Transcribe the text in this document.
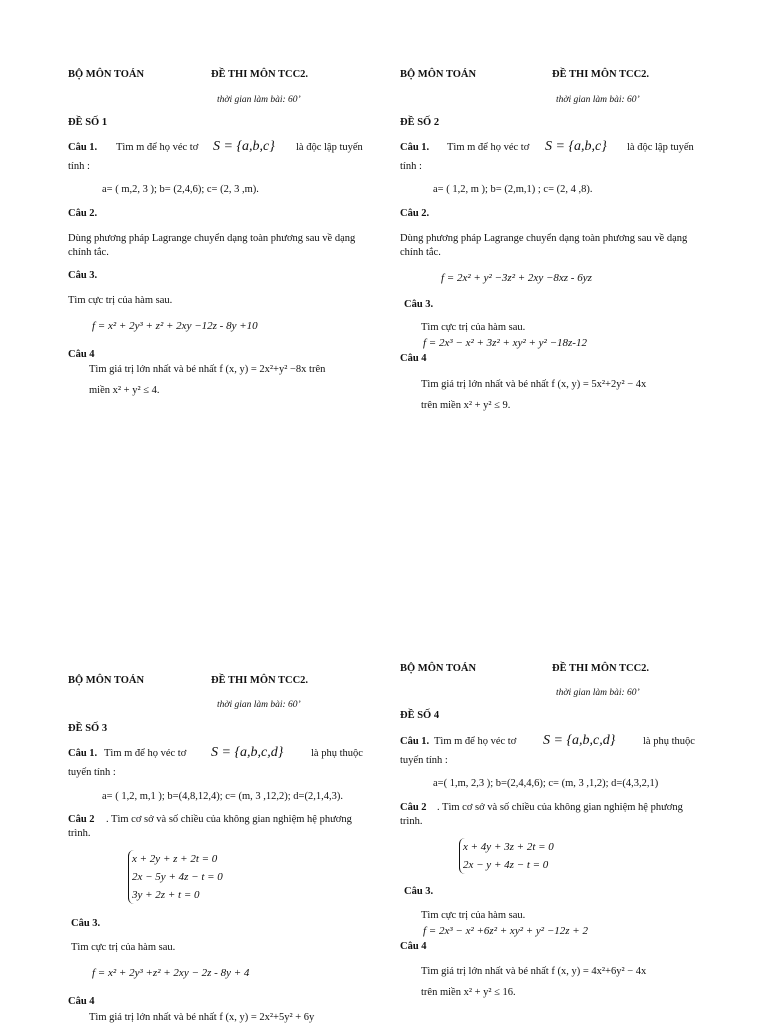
BỘ MÔN TOÁN	ĐỀ THI MÔN TCC2.
thời gian làm bài: 60’
ĐỀ SỐ 1
Câu 1. Tìm m để họ véc tơ S = {a,b,c} là độc lập tuyến
tính :
a= ( m,2, 3 ); b= (2,4,6); c= (2, 3 ,m).
Câu 2.
Dùng phương pháp Lagrange chuyển dạng toàn phương sau về dạng
chính tắc.
Câu 3.
Tìm cực trị của hàm sau.
f = x² + 2y³ + z² + 2xy −12z - 8y +10
Câu 4
Tìm giá trị lớn nhất và bé nhất f (x, y) = 2x²+y² −8x trên
miền x² + y² ≤ 4.
BỘ MÔN TOÁN	ĐỀ THI MÔN TCC2.
thời gian làm bài: 60’
ĐỀ SỐ 2
Câu 1. Tìm m để họ véc tơ S = {a,b,c} là độc lập tuyến
tính :
a= ( 1,2, m ); b= (2,m,1) ; c= (2, 4 ,8).
Câu 2.
Dùng phương pháp Lagrange chuyển dạng toàn phương sau về dạng
chính tắc.
f = 2x² + y² −3z² + 2xy −8xz - 6yz
Câu 3.
Tìm cực trị của hàm sau.
f = 2x³ − x² + 3z² + xy² + y² −18z-12
Câu 4
Tìm giá trị lớn nhất và bé nhất f (x, y) = 5x²+2y² − 4x
trên miền x² + y² ≤ 9.
BỘ MÔN TOÁN	ĐỀ THI MÔN TCC2.
thời gian làm bài: 60’
ĐỀ SỐ 3
Câu 1. Tìm m để họ véc tơ S = {a,b,c,d}	là phụ thuộc
tuyến tính :
a= ( 1,2, m,1 ); b=(4,8,12,4); c= (m, 3 ,12,2); d=(2,1,4,3).
Câu 2 . Tìm cơ sở và số chiều của không gian nghiệm hệ phương
trình.
x + 2y + z + 2t = 0
2x − 5y + 4z − t = 0
3y + 2z + t = 0
Câu 3.
Tìm cực trị của hàm sau.
f = x² + 2y³ +z² + 2xy − 2z - 8y + 4
Câu 4
Tìm giá trị lớn nhất và bé nhất f (x, y) = 2x²+5y² + 6y
BỘ MÔN TOÁN	ĐỀ THI MÔN TCC2.
thời gian làm bài: 60’
ĐỀ SỐ 4
Câu 1. Tìm m để họ véc tơ S = {a,b,c,d}	là phụ thuộc
tuyến tính :
a=( 1,m, 2,3 ); b=(2,4,4,6); c= (m, 3 ,1,2); d=(4,3,2,1)
Câu 2 . Tìm cơ sở và số chiều của không gian nghiệm hệ phương
trình.
x + 4y + 3z + 2t = 0
2x − y + 4z − t = 0
Câu 3.
Tìm cực trị của hàm sau.
f = 2x³ − x² +6z² + xy² + y² −12z + 2
Câu 4
Tìm giá trị lớn nhất và bé nhất f (x, y) = 4x²+6y² − 4x
trên miền x² + y² ≤ 16.
